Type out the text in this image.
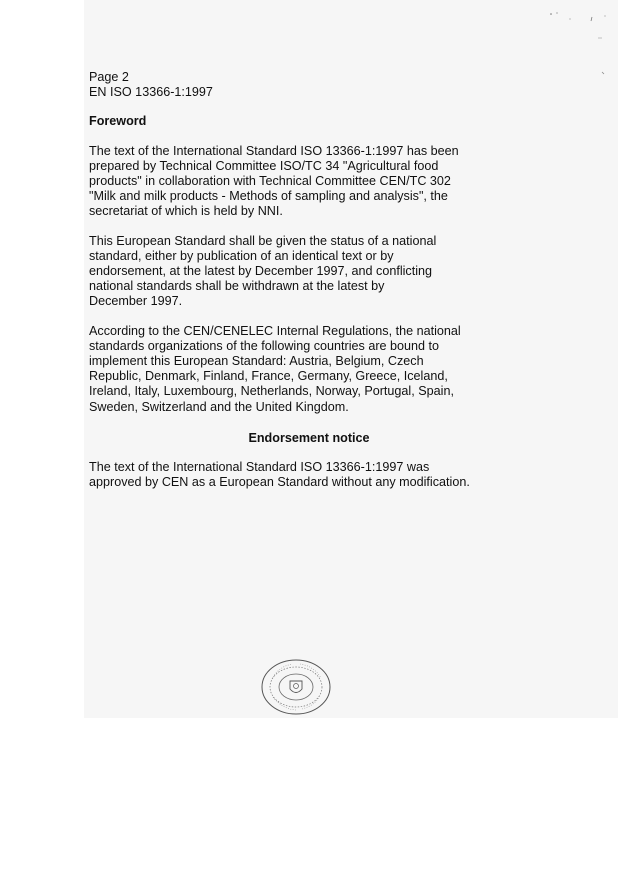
Page 2
EN ISO 13366-1:1997
Foreword

The text of the International Standard ISO 13366-1:1997 has been
prepared by Technical Committee ISO/TC 34 "Agricultural food
products" in collaboration with Technical Committee CEN/TC 302
"Milk and milk products - Methods of sampling and analysis", the
secretariat of which is held by NNI.

This European Standard shall be given the status of a national
standard, either by publication of an identical text or by
endorsement, at the latest by December 1997, and conflicting
national standards shall be withdrawn at the latest by
December 1997.

According to the CEN/CENELEC Internal Regulations, the national
standards organizations of the following countries are bound to
implement this European Standard: Austria, Belgium, Czech
Republic, Denmark, Finland, France, Germany, Greece, Iceland,
Ireland, Italy, Luxembourg, Netherlands, Norway, Portugal, Spain,
Sweden, Switzerland and the United Kingdom.

Endorsement notice

The text of the International Standard ISO 13366-1:1997 was
approved by CEN as a European Standard without any modification.
